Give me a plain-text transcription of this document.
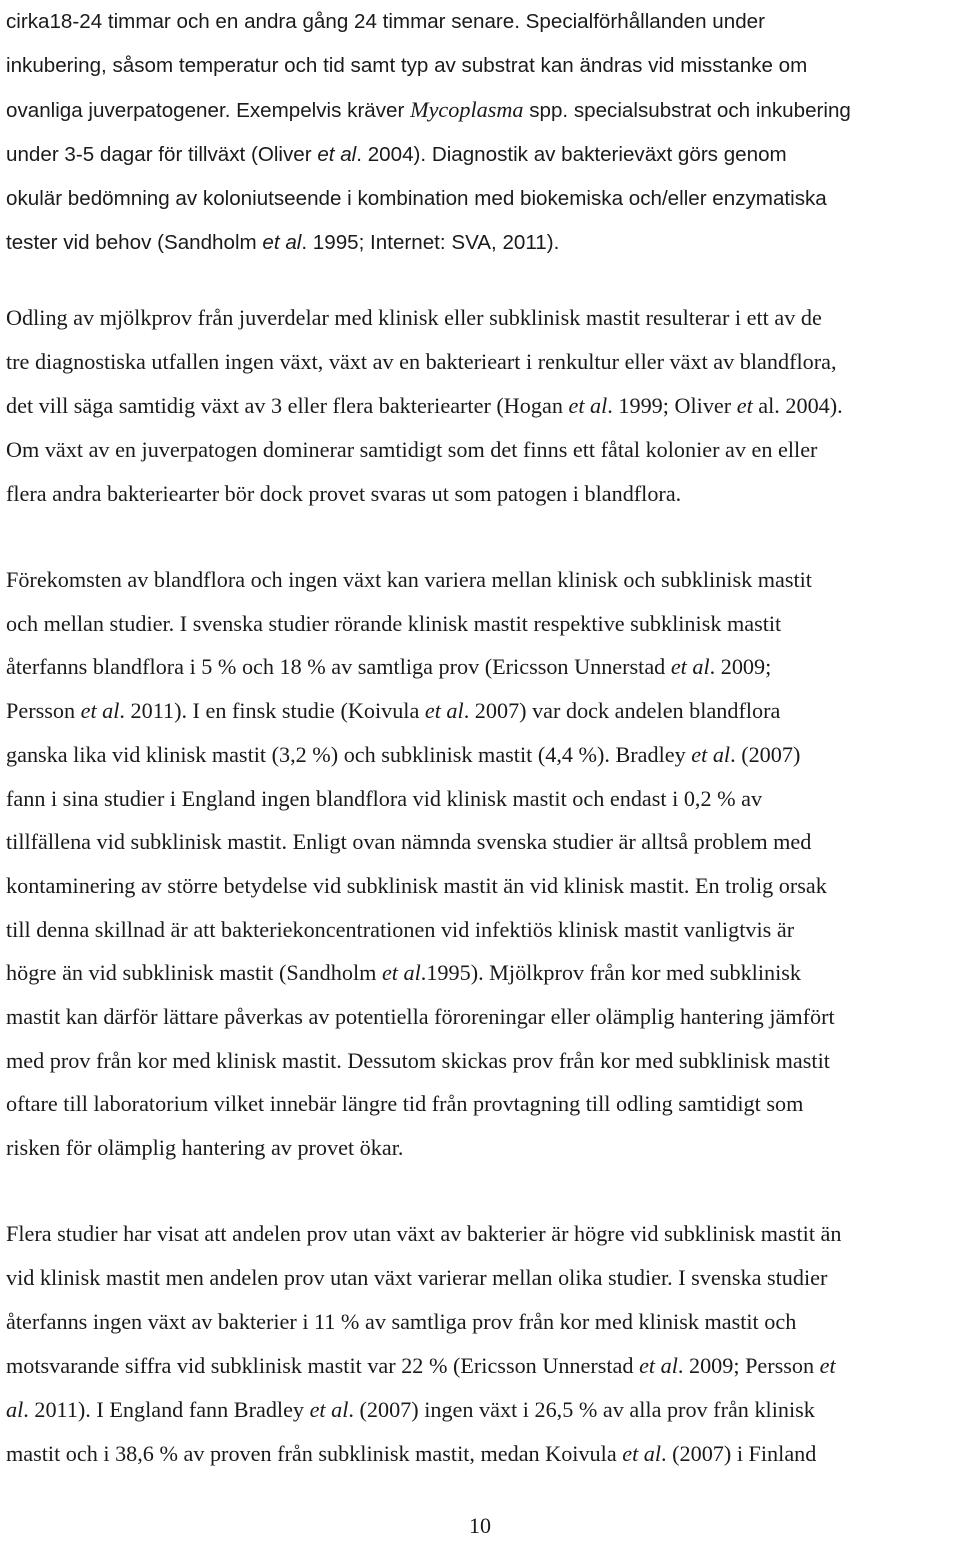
cirka18-24 timmar och en andra gång 24 timmar senare. Specialförhållanden under
inkubering, såsom temperatur och tid samt typ av substrat kan ändras vid misstanke om
ovanliga juverpatogener. Exempelvis kräver Mycoplasma spp. specialsubstrat och inkubering
under 3-5 dagar för tillväxt (Oliver et al. 2004). Diagnostik av bakterieväxt görs genom
okulär bedömning av koloniutseende i kombination med biokemiska och/eller enzymatiska
tester vid behov (Sandholm et al. 1995; Internet: SVA, 2011).
Odling av mjölkprov från juverdelar med klinisk eller subklinisk mastit resulterar i ett av de
tre diagnostiska utfallen ingen växt, växt av en bakterieart i renkultur eller växt av blandflora,
det vill säga samtidig växt av 3 eller flera bakteriearter (Hogan et al. 1999; Oliver et al. 2004).
Om växt av en juverpatogen dominerar samtidigt som det finns ett fåtal kolonier av en eller
flera andra bakteriearter bör dock provet svaras ut som patogen i blandflora.
Förekomsten av blandflora och ingen växt kan variera mellan klinisk och subklinisk mastit
och mellan studier. I svenska studier rörande klinisk mastit respektive subklinisk mastit
återfanns blandflora i 5 % och 18 % av samtliga prov (Ericsson Unnerstad et al. 2009;
Persson et al. 2011). I en finsk studie (Koivula et al. 2007) var dock andelen blandflora
ganska lika vid klinisk mastit (3,2 %) och subklinisk mastit (4,4 %). Bradley et al. (2007)
fann i sina studier i England ingen blandflora vid klinisk mastit och endast i 0,2 % av
tillfällena vid subklinisk mastit. Enligt ovan nämnda svenska studier är alltså problem med
kontaminering av större betydelse vid subklinisk mastit än vid klinisk mastit. En trolig orsak
till denna skillnad är att bakteriekoncentrationen vid infektiös klinisk mastit vanligtvis är
högre än vid subklinisk mastit (Sandholm et al.1995). Mjölkprov från kor med subklinisk
mastit kan därför lättare påverkas av potentiella föroreningar eller olämplig hantering jämfört
med prov från kor med klinisk mastit. Dessutom skickas prov från kor med subklinisk mastit
oftare till laboratorium vilket innebär längre tid från provtagning till odling samtidigt som
risken för olämplig hantering av provet ökar.
Flera studier har visat att andelen prov utan växt av bakterier är högre vid subklinisk mastit än
vid klinisk mastit men andelen prov utan växt varierar mellan olika studier. I svenska studier
återfanns ingen växt av bakterier i 11 % av samtliga prov från kor med klinisk mastit och
motsvarande siffra vid subklinisk mastit var 22 % (Ericsson Unnerstad et al. 2009; Persson et
al. 2011). I England fann Bradley et al. (2007) ingen växt i 26,5 % av alla prov från klinisk
mastit och i 38,6 % av proven från subklinisk mastit, medan Koivula et al. (2007) i Finland
10
